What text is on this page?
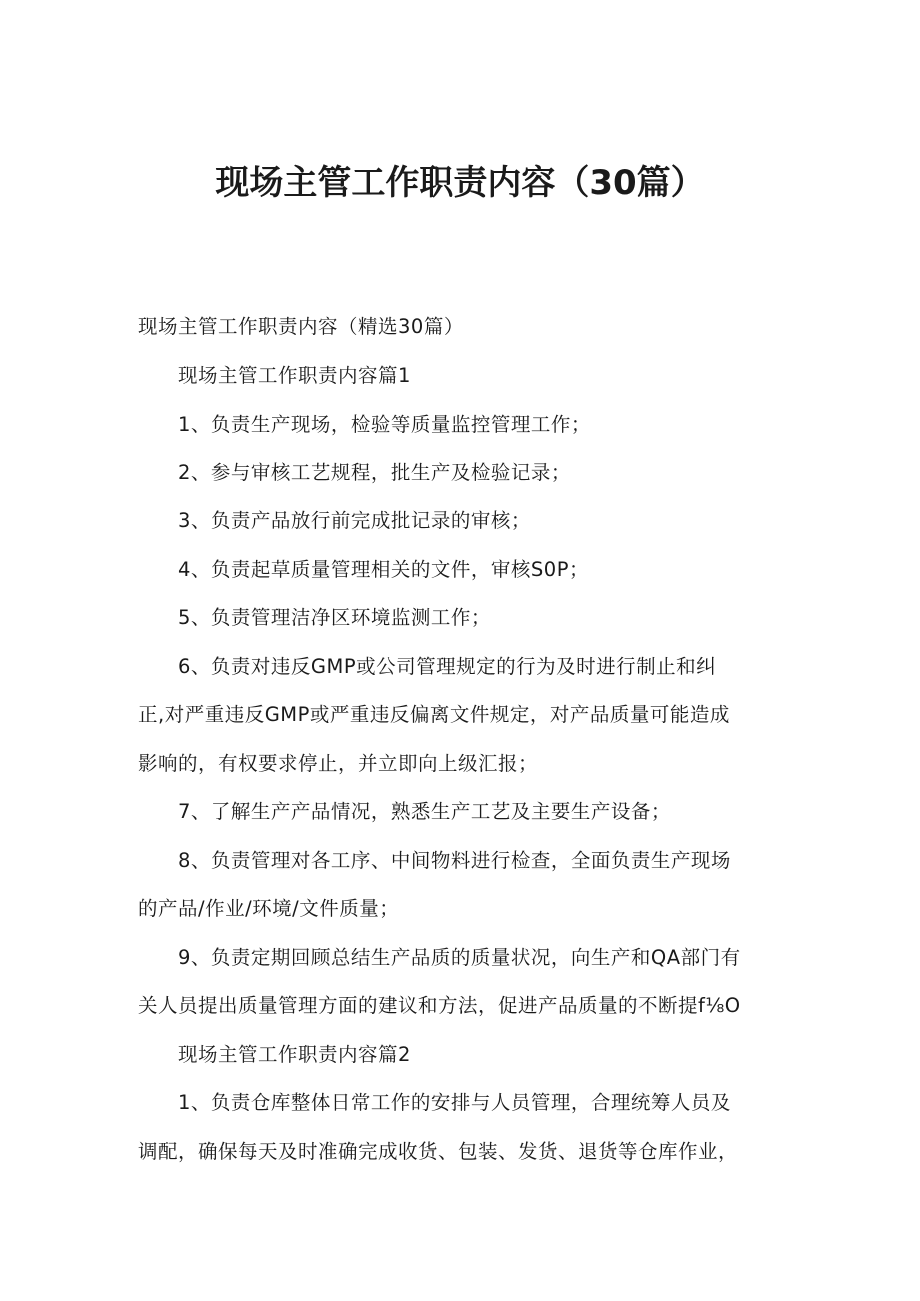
现场主管工作职责内容（30篇）

现场主管工作职责内容（精选30篇）

现场主管工作职责内容篇1

1、负责生产现场，检验等质量监控管理工作；

2、参与审核工艺规程，批生产及检验记录；

3、负责产品放行前完成批记录的审核；

4、负责起草质量管理相关的文件，审核S0P；

5、负责管理洁净区环境监测工作；

6、负责对违反GMP或公司管理规定的行为及时进行制止和纠

正,对严重违反GMP或严重违反偏离文件规定，对产品质量可能造成

影响的，有权要求停止，并立即向上级汇报；

7、了解生产产品情况，熟悉生产工艺及主要生产设备；

8、负责管理对各工序、中间物料进行检查，全面负责生产现场

的产品/作业/环境/文件质量；

9、负责定期回顾总结生产品质的质量状况，向生产和QA部门有

关人员提出质量管理方面的建议和方法，促进产品质量的不断提f⅛O

现场主管工作职责内容篇2

1、负责仓库整体日常工作的安排与人员管理，合理统筹人员及

调配，确保每天及时准确完成收货、包装、发货、退货等仓库作业，
